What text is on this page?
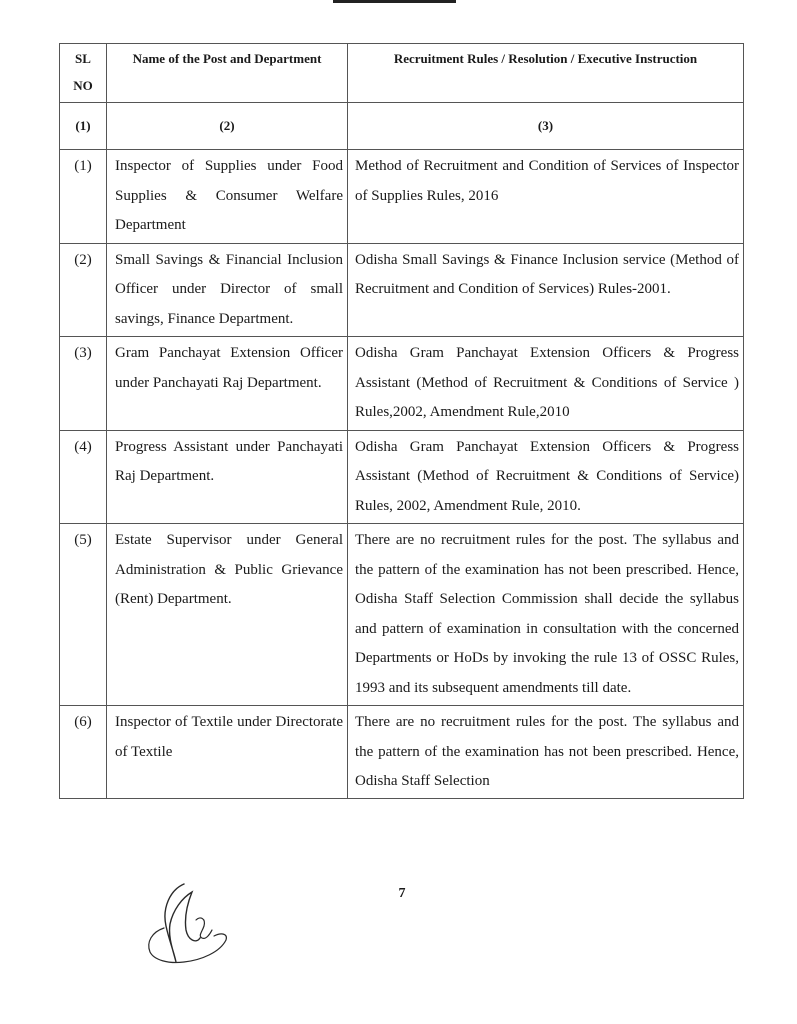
SL NO	Name of the Post and Department	Recruitment Rules / Resolution / Executive Instruction
(1)	(2)	(3)
(1)	Inspector of Supplies under Food Supplies & Consumer Welfare Department	Method of Recruitment and Condition of Services of Inspector of Supplies Rules, 2016
(2)	Small Savings & Financial Inclusion Officer under Director of small savings, Finance Department.	Odisha Small Savings & Finance Inclusion service (Method of Recruitment and Condition of Services) Rules-2001.
(3)	Gram Panchayat Extension Officer under Panchayati Raj Department.	Odisha Gram Panchayat Extension Officers & Progress Assistant (Method of Recruitment & Conditions of Service ) Rules,2002, Amendment Rule,2010
(4)	Progress Assistant under Panchayati Raj Department.	Odisha Gram Panchayat Extension Officers & Progress Assistant (Method of Recruitment & Conditions of Service) Rules, 2002, Amendment Rule, 2010.
(5)	Estate Supervisor under General Administration & Public Grievance (Rent) Department.	There are no recruitment rules for the post. The syllabus and the pattern of the examination has not been prescribed. Hence, Odisha Staff Selection Commission shall decide the syllabus and pattern of examination in consultation with the concerned Departments or HoDs by invoking the rule 13 of OSSC Rules, 1993 and its subsequent amendments till date.
(6)	Inspector of Textile under Directorate of Textile	There are no recruitment rules for the post. The syllabus and the pattern of the examination has not been prescribed. Hence, Odisha Staff Selection
7
